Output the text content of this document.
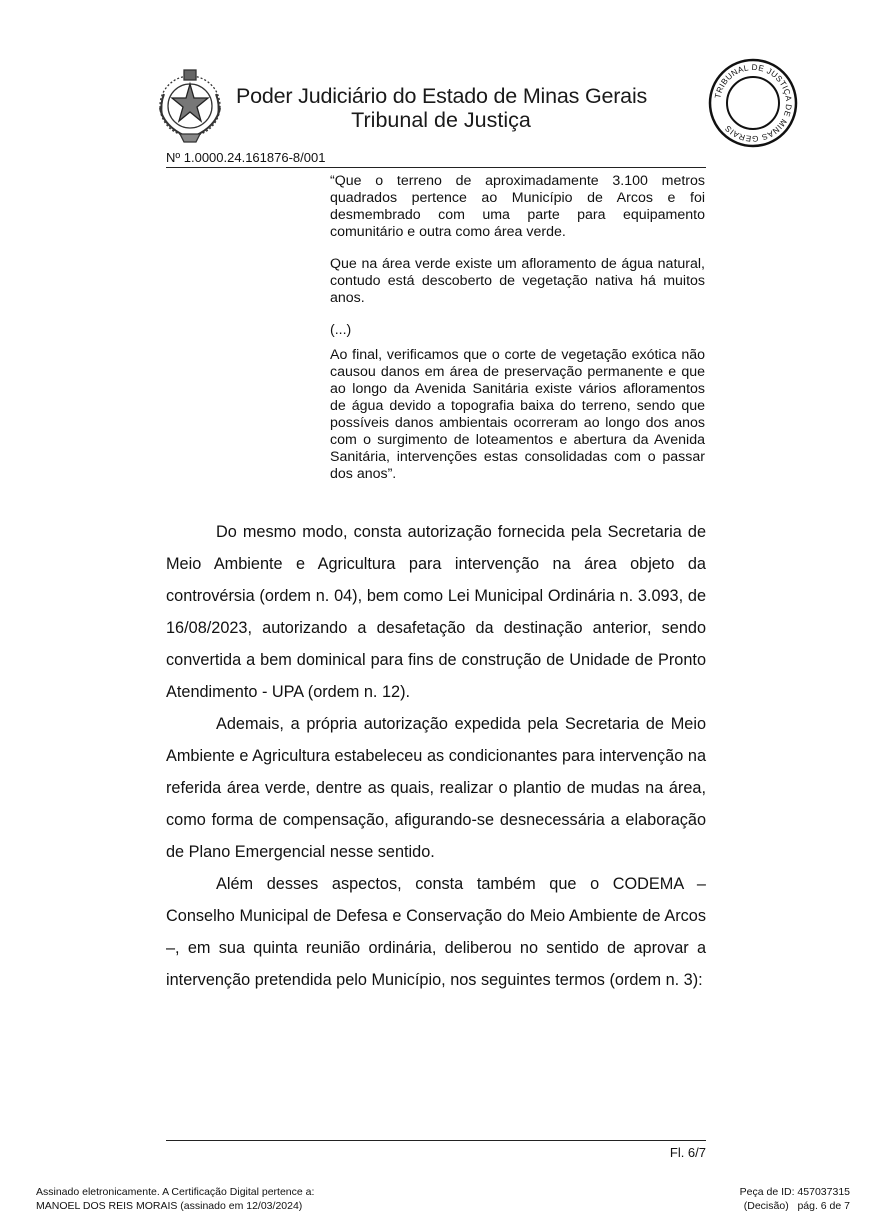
Poder Judiciário do Estado de Minas Gerais
Tribunal de Justiça
TRIBUNAL DE JUSTIÇA DE MINAS GERAIS
Nº 1.0000.24.161876-8/001
“Que o terreno de aproximadamente 3.100 metros quadrados pertence ao Município de Arcos e foi desmembrado com uma parte para equipamento comunitário e outra como área verde.
Que na área verde existe um afloramento de água natural, contudo está descoberto de vegetação nativa há muitos anos.
(...)
Ao final, verificamos que o corte de vegetação exótica não causou danos em área de preservação permanente e que ao longo da Avenida Sanitária existe vários afloramentos de água devido a topografia baixa do terreno, sendo que possíveis danos ambientais ocorreram ao longo dos anos com o surgimento de loteamentos e abertura da Avenida Sanitária, intervenções estas consolidadas com o passar dos anos”.
Do mesmo modo, consta autorização fornecida pela Secretaria de Meio Ambiente e Agricultura para intervenção na área objeto da controvérsia (ordem n. 04), bem como Lei Municipal Ordinária n. 3.093, de 16/08/2023, autorizando a desafetação da destinação anterior, sendo convertida a bem dominical para fins de construção de Unidade de Pronto Atendimento - UPA (ordem n. 12).
Ademais, a própria autorização expedida pela Secretaria de Meio Ambiente e Agricultura estabeleceu as condicionantes para intervenção na referida área verde, dentre as quais, realizar o plantio de mudas na área, como forma de compensação, afigurando-se desnecessária a elaboração de Plano Emergencial nesse sentido.
Além desses aspectos, consta também que o CODEMA – Conselho Municipal de Defesa e Conservação do Meio Ambiente de Arcos –, em sua quinta reunião ordinária, deliberou no sentido de aprovar a intervenção pretendida pelo Município, nos seguintes termos (ordem n. 3):
Fl. 6/7
Assinado eletronicamente. A Certificação Digital pertence a:
MANOEL DOS REIS MORAIS (assinado em 12/03/2024)
Peça de ID: 457037315
(Decisão)   pág. 6 de 7
